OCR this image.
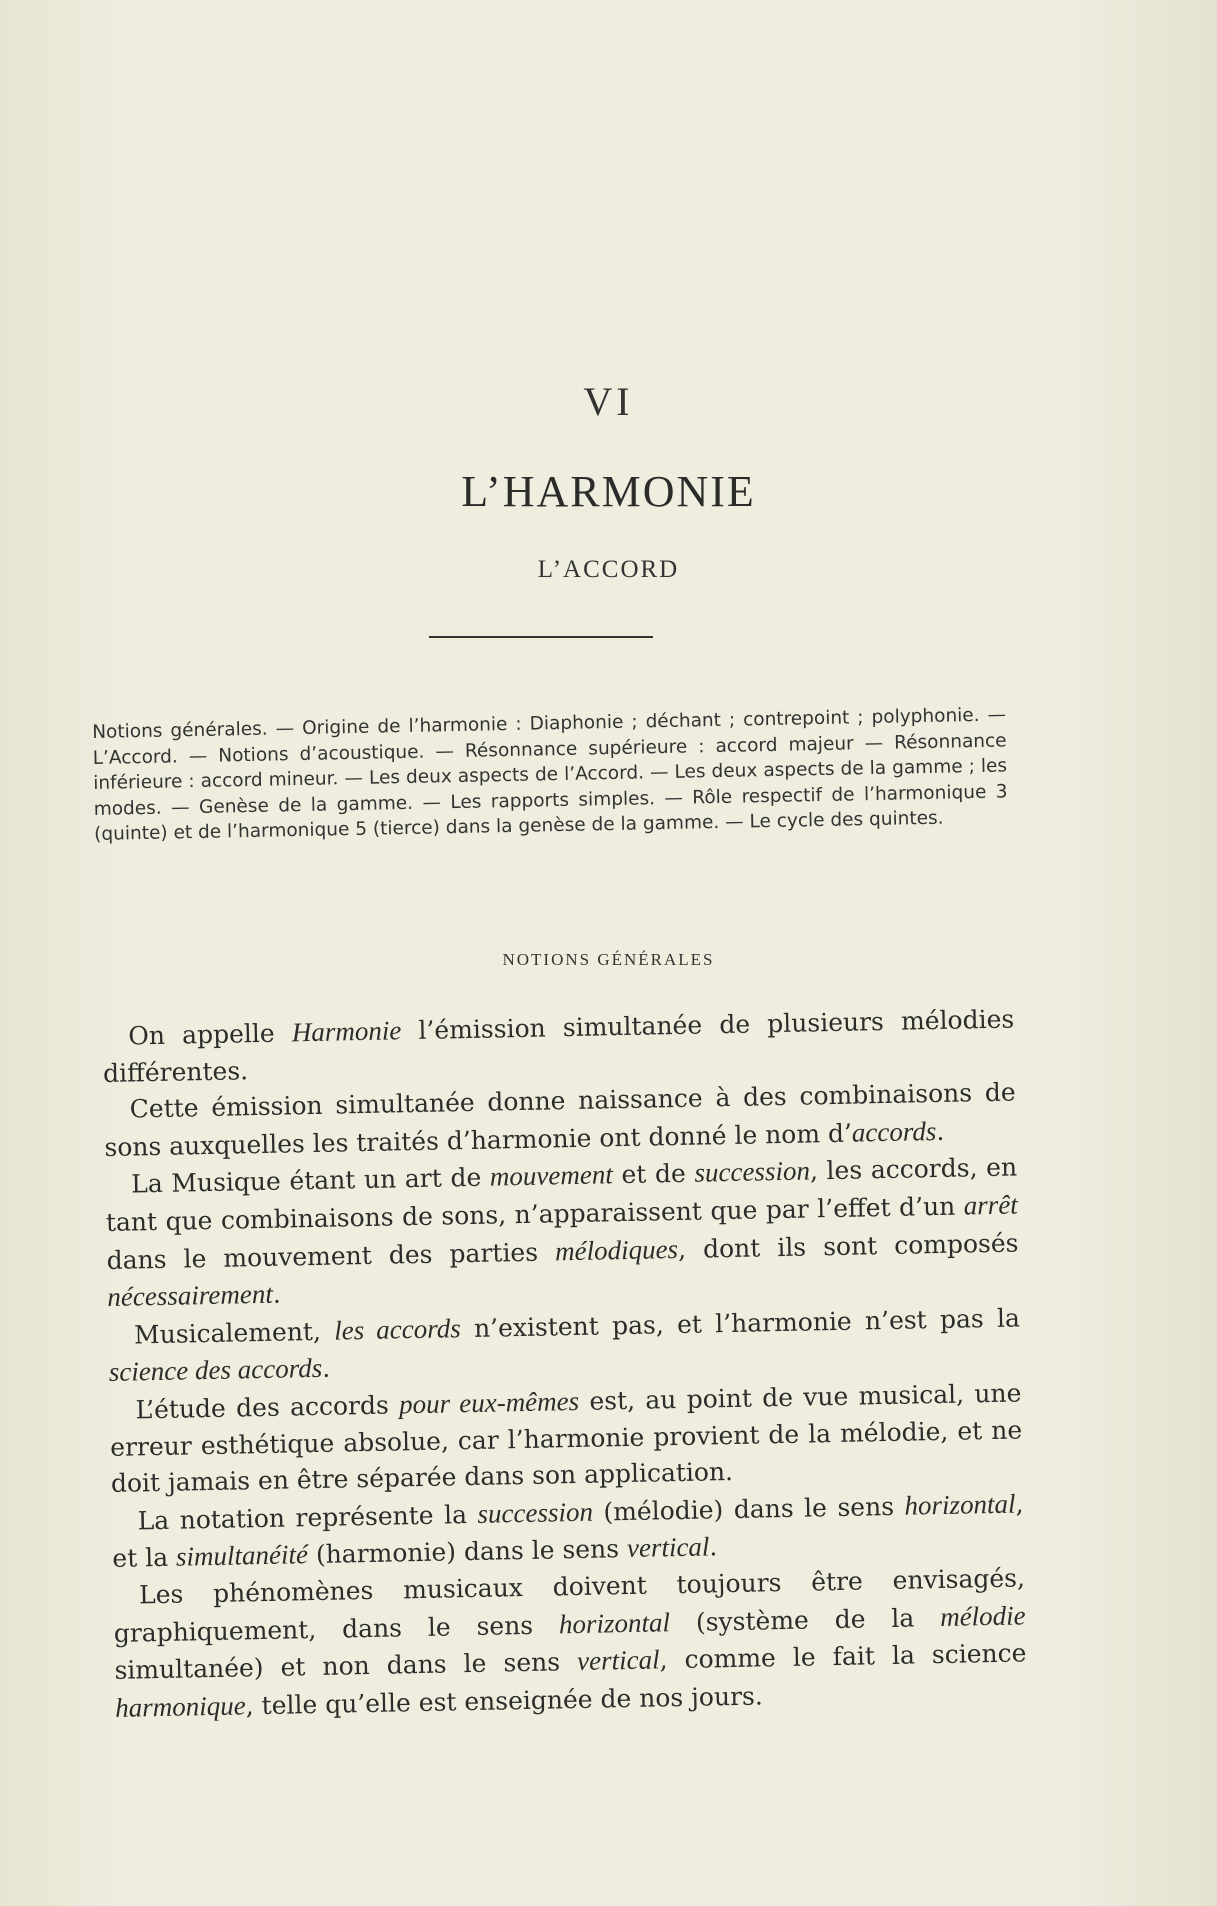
VI
L’HARMONIE
L’ACCORD
Notions générales. — Origine de l’harmonie : Diaphonie ; déchant ; contrepoint ; polyphonie. — L’Accord. — Notions d’acoustique. — Résonnance supérieure : accord majeur — Résonnance inférieure : accord mineur. — Les deux aspects de l’Accord. — Les deux aspects de la gamme ; les modes. — Genèse de la gamme. — Les rapports simples. — Rôle respectif de l’harmonique 3 (quinte) et de l’harmonique 5 (tierce) dans la genèse de la gamme. — Le cycle des quintes.
NOTIONS GÉNÉRALES

On appelle Harmonie l’émission simultanée de plusieurs mélodies différentes.

Cette émission simultanée donne naissance à des combinaisons de sons auxquelles les traités d’harmonie ont donné le nom d’accords.

La Musique étant un art de mouvement et de succession, les accords, en tant que combinaisons de sons, n’apparaissent que par l’effet d’un arrêt dans le mouvement des parties mélodiques, dont ils sont composés nécessairement.

Musicalement, les accords n’existent pas, et l’harmonie n’est pas la science des accords.

L’étude des accords pour eux-mêmes est, au point de vue musical, une erreur esthétique absolue, car l’harmonie provient de la mélodie, et ne doit jamais en être séparée dans son application.

La notation représente la succession (mélodie) dans le sens horizontal, et la simultanéité (harmonie) dans le sens vertical.

Les phénomènes musicaux doivent toujours être envisagés, graphiquement, dans le sens horizontal (système de la mélodie simultanée) et non dans le sens vertical, comme le fait la science harmonique, telle qu’elle est enseignée de nos jours.
